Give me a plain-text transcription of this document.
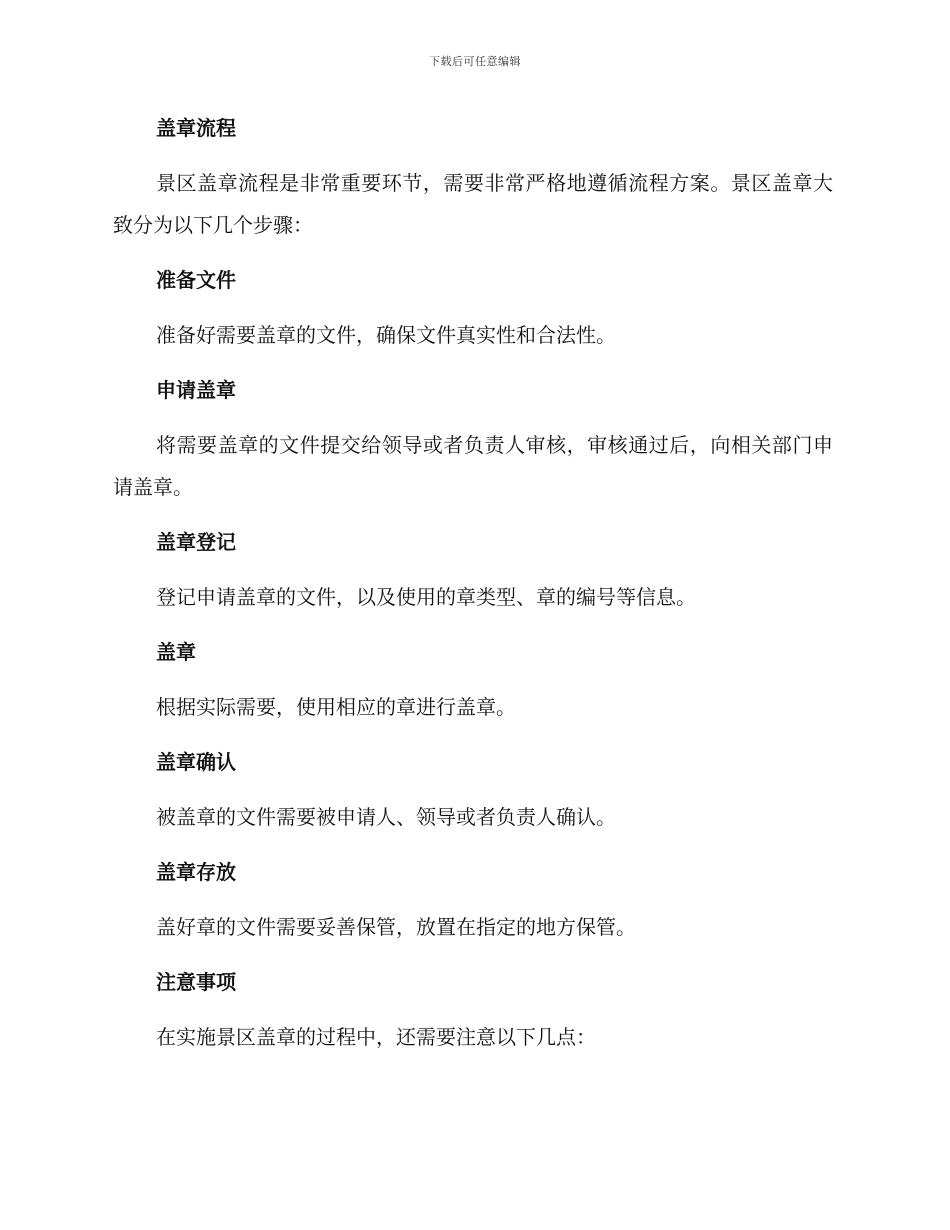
下载后可任意编辑
盖章流程
景区盖章流程是非常重要环节，需要非常严格地遵循流程方案。景区盖章大致分为以下几个步骤：
准备文件
准备好需要盖章的文件，确保文件真实性和合法性。
申请盖章
将需要盖章的文件提交给领导或者负责人审核，审核通过后，向相关部门申请盖章。
盖章登记
登记申请盖章的文件，以及使用的章类型、章的编号等信息。
盖章
根据实际需要，使用相应的章进行盖章。
盖章确认
被盖章的文件需要被申请人、领导或者负责人确认。
盖章存放
盖好章的文件需要妥善保管，放置在指定的地方保管。
注意事项
在实施景区盖章的过程中，还需要注意以下几点：
